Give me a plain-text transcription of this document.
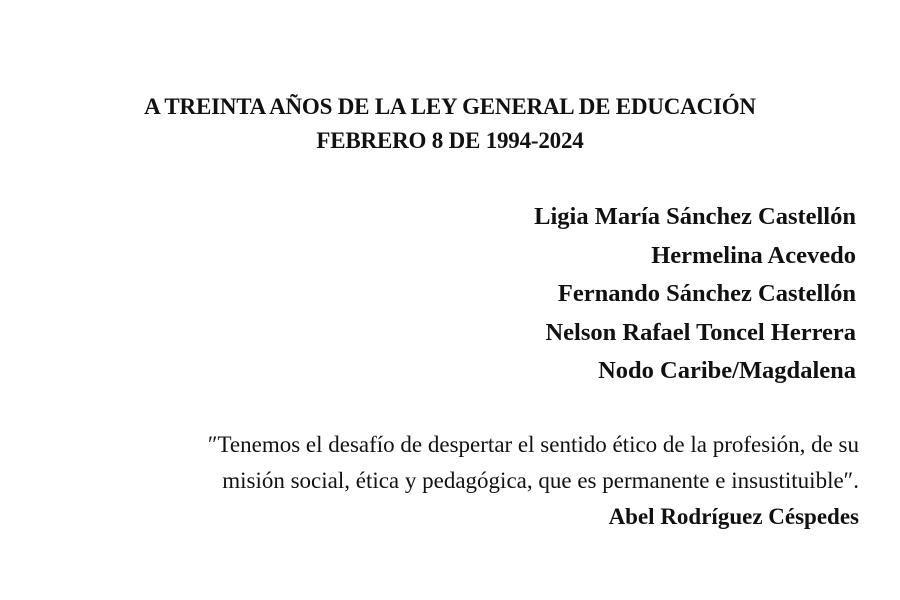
A TREINTA AÑOS DE LA LEY GENERAL DE EDUCACIÓN
FEBRERO 8 DE 1994-2024
Ligia María Sánchez Castellón
Hermelina Acevedo
Fernando Sánchez Castellón
Nelson Rafael Toncel Herrera
Nodo Caribe/Magdalena
″Tenemos el desafío de despertar el sentido ético de la profesión, de su
misión social, ética y pedagógica, que es permanente e insustituible″.
Abel Rodríguez Céspedes
